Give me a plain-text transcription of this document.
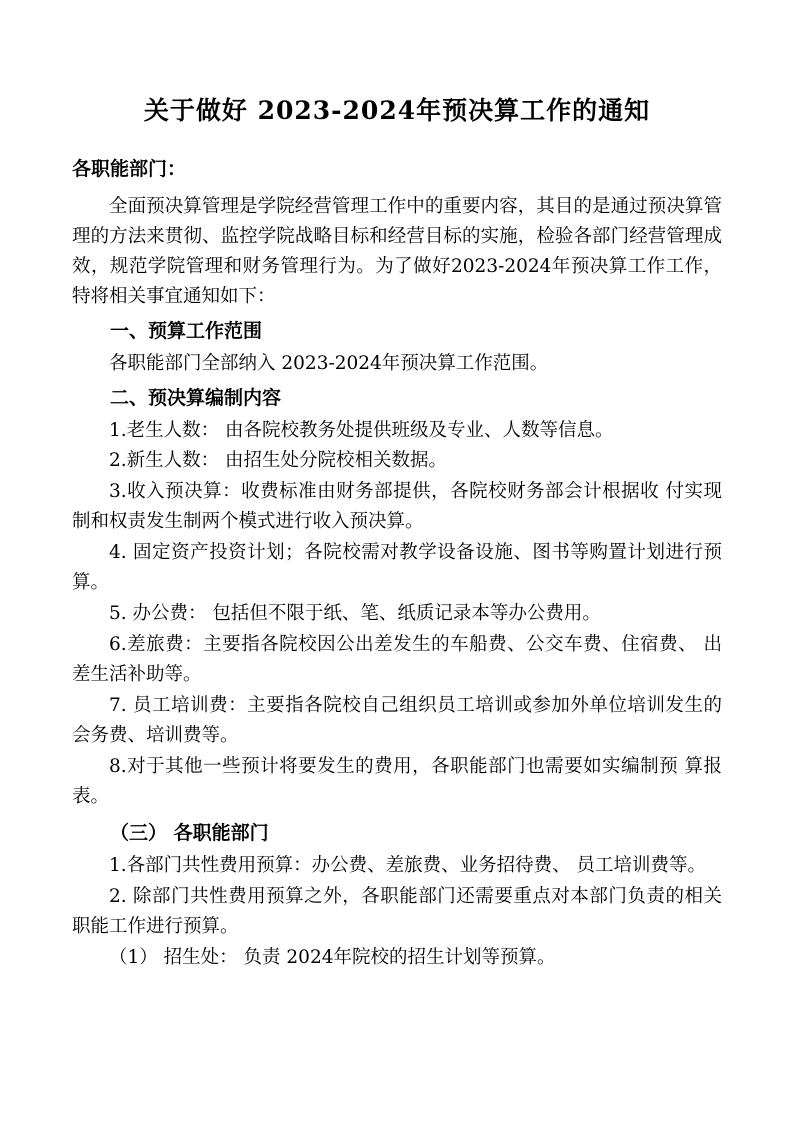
关于做好 2023-2024年预决算工作的通知
各职能部门：

全面预决算管理是学院经营管理工作中的重要内容，其目的是通过预决算管理的方法来贯彻、监控学院战略目标和经营目标的实施，检验各部门经营管理成效，规范学院管理和财务管理行为。为了做好2023-2024年预决算工作工作，特将相关事宜通知如下：

一、预算工作范围

各职能部门全部纳入 2023-2024年预决算工作范围。

二、预决算编制内容

1.老生人数： 由各院校教务处提供班级及专业、人数等信息。

2.新生人数： 由招生处分院校相关数据。

3.收入预决算：收费标准由财务部提供，各院校财务部会计根据收 付实现制和权责发生制两个模式进行收入预决算。

4. 固定资产投资计划；各院校需对教学设备设施、图书等购置计划进行预算。

5. 办公费： 包括但不限于纸、笔、纸质记录本等办公费用。

6.差旅费：主要指各院校因公出差发生的车船费、公交车费、住宿费、 出差生活补助等。

7. 员工培训费：主要指各院校自己组织员工培训或参加外单位培训发生的会务费、培训费等。

8.对于其他一些预计将要发生的费用，各职能部门也需要如实编制预 算报表。

（三） 各职能部门

1.各部门共性费用预算：办公费、差旅费、业务招待费、 员工培训费等。

2. 除部门共性费用预算之外，各职能部门还需要重点对本部门负责的相关职能工作进行预算。

（1） 招生处： 负责 2024年院校的招生计划等预算。
